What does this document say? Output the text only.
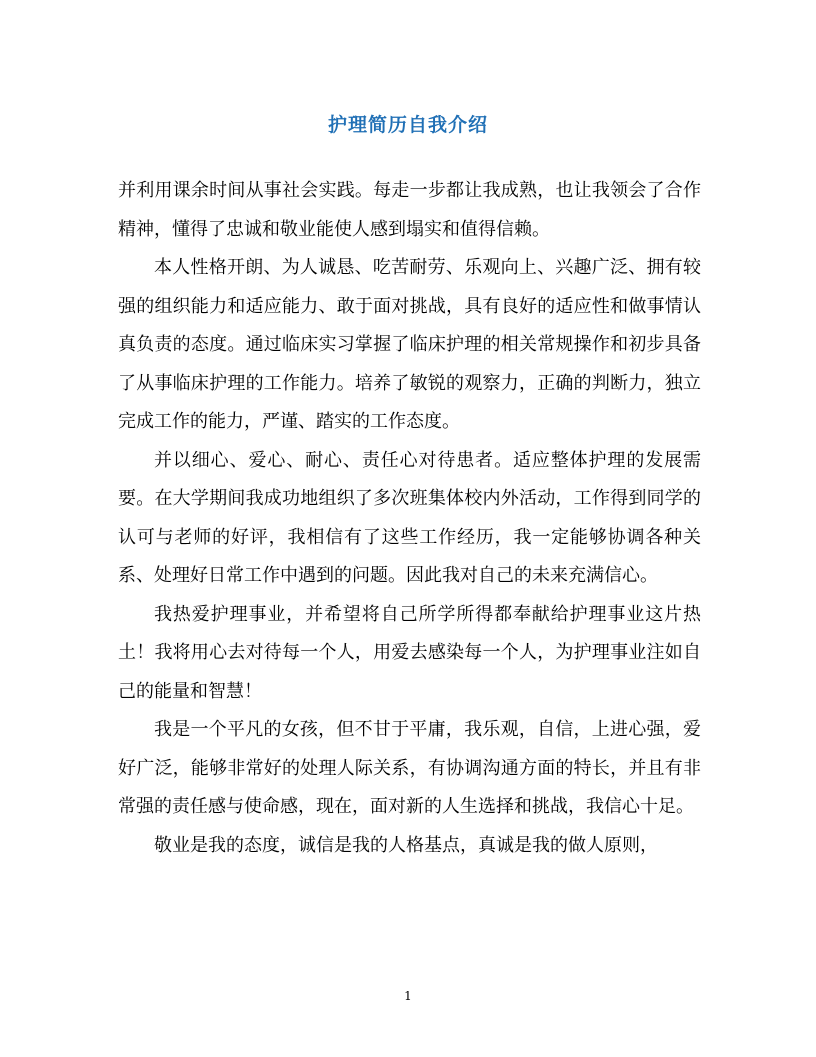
护理简历自我介绍

并利用课余时间从事社会实践。每走一步都让我成熟，也让我领会了合作精神，懂得了忠诚和敬业能使人感到塌实和值得信赖。

本人性格开朗、为人诚恳、吃苦耐劳、乐观向上、兴趣广泛、拥有较强的组织能力和适应能力、敢于面对挑战，具有良好的适应性和做事情认真负责的态度。通过临床实习掌握了临床护理的相关常规操作和初步具备了从事临床护理的工作能力。培养了敏锐的观察力，正确的判断力，独立完成工作的能力，严谨、踏实的工作态度。

并以细心、爱心、耐心、责任心对待患者。适应整体护理的发展需要。在大学期间我成功地组织了多次班集体校内外活动，工作得到同学的认可与老师的好评，我相信有了这些工作经历，我一定能够协调各种关系、处理好日常工作中遇到的问题。因此我对自己的未来充满信心。

我热爱护理事业，并希望将自己所学所得都奉献给护理事业这片热土！我将用心去对待每一个人，用爱去感染每一个人，为护理事业注如自己的能量和智慧！

我是一个平凡的女孩，但不甘于平庸，我乐观，自信，上进心强，爱好广泛，能够非常好的处理人际关系，有协调沟通方面的特长，并且有非常强的责任感与使命感，现在，面对新的人生选择和挑战，我信心十足。

敬业是我的态度，诚信是我的人格基点，真诚是我的做人原则，

1
